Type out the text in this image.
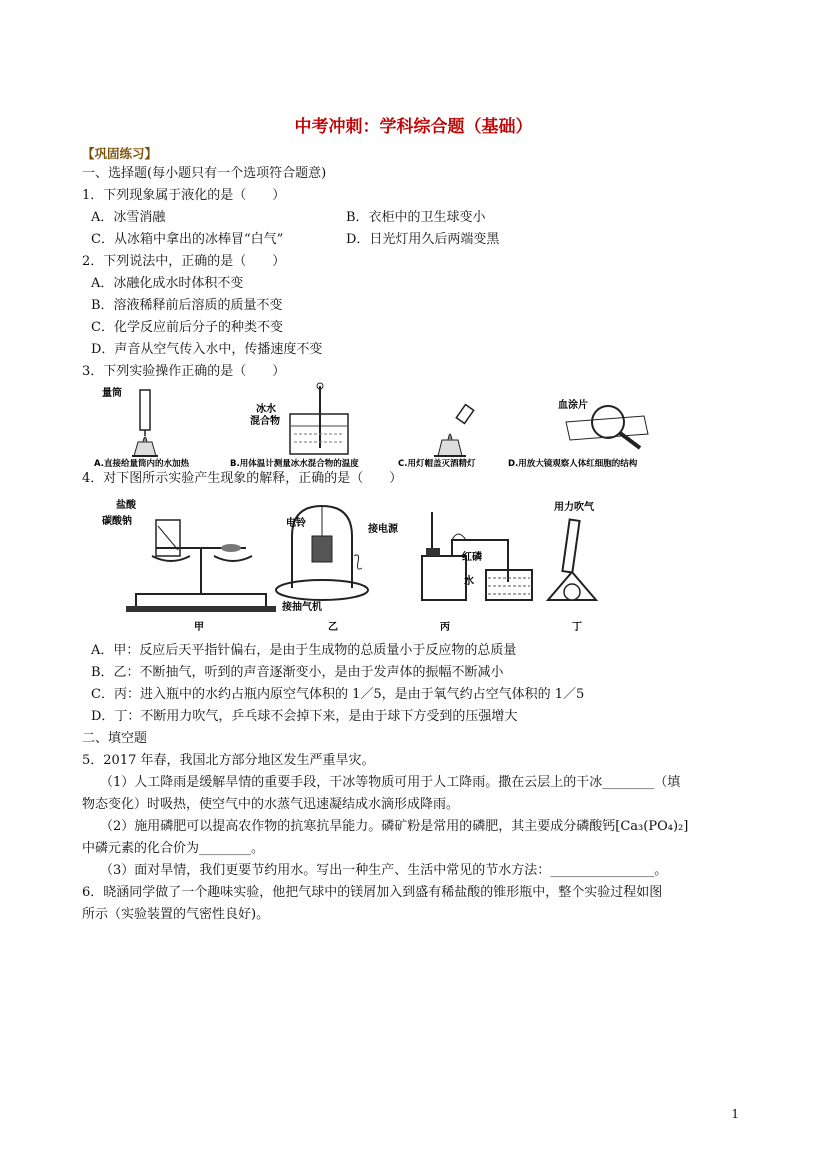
中考冲刺：学科综合题（基础）
【巩固练习】
一、选择题(每小题只有一个选项符合题意)
1．下列现象属于液化的是（　　）
A．冰雪消融	B．衣柜中的卫生球变小
C．从冰箱中拿出的冰棒冒“白气”	D．日光灯用久后两端变黑
2．下列说法中，正确的是（　　）
A．冰融化成水时体积不变
B．溶液稀释前后溶质的质量不变
C．化学反应前后分子的种类不变
D．声音从空气传入水中，传播速度不变
3．下列实验操作正确的是（　　）
量筒
冰水
混合物
血涂片
A.直接给量筒内的水加热	B.用体温计测量冰水混合物的温度	C.用灯帽盖灭酒精灯	D.用放大镜观察人体红细胞的结构
4．对下图所示实验产生现象的解释，正确的是（　　）
盐酸
碳酸钠
甲
电铃
接电源
接抽气机
乙
红磷
水
丙
用力吹气
丁
A．甲：反应后天平指针偏右，是由于生成物的总质量小于反应物的总质量
B．乙：不断抽气，听到的声音逐渐变小，是由于发声体的振幅不断减小
C．丙：进入瓶中的水约占瓶内原空气体积的 1／5，是由于氧气约占空气体积的 1／5
D．丁：不断用力吹气，乒乓球不会掉下来，是由于球下方受到的压强增大
二、填空题
5．2017 年春，我国北方部分地区发生严重旱灾。
（1）人工降雨是缓解旱情的重要手段，干冰等物质可用于人工降雨。撒在云层上的干冰________（填
物态变化）时吸热，使空气中的水蒸气迅速凝结成水滴形成降雨。
（2）施用磷肥可以提高农作物的抗寒抗旱能力。磷矿粉是常用的磷肥，其主要成分磷酸钙[Ca₃(PO₄)₂]
中磷元素的化合价为________。
（3）面对旱情，我们更要节约用水。写出一种生产、生活中常见的节水方法：________________。
6．晓涵同学做了一个趣味实验，他把气球中的镁屑加入到盛有稀盐酸的锥形瓶中，整个实验过程如图
所示（实验装置的气密性良好)。
1
